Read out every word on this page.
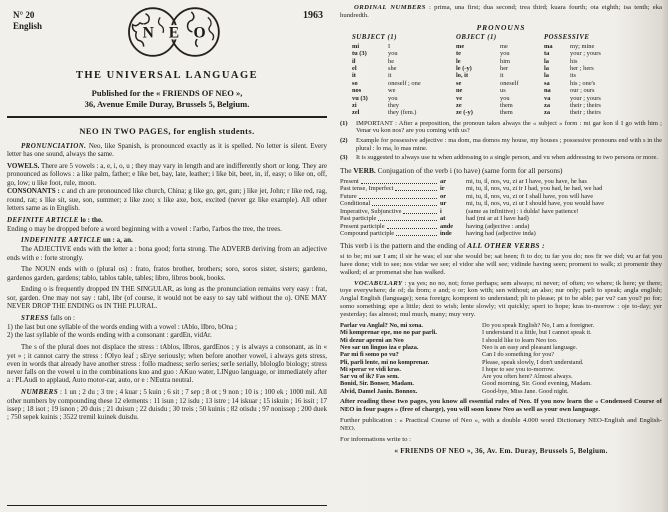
N° 20
English	N E O
1963
THE UNIVERSAL LANGUAGE
Published for the « FRIENDS OF NEO »,
36, Avenue Emile Duray, Brussels 5, Belgium.
NEO IN TWO PAGES, for english students.

PRONUNCIATION. Neo, like Spanish, is pronounced exactly as it is spelled. No letter is silent. Every letter has one sound, always the same.

VOWELS. There are 5 vowels : a, e, i, o, u ; they may vary in length and are indifferently short or long. They are pronounced as follows : a like palm, father; e like bet, bay, late, leather; i like bit, beet, in, if, easy; o like on, off, go, low; u like foot, rule, moon.

CONSONANTS : c and ch are pronounced like church, China; g like go, get, gun; j like jet, John; r like red, rag, round, rat; s like sit, sue, son, summer; z like zoo; x like axe, box, excited (never gz like example). All other letters same as in English.

DEFINITE ARTICLE lo : the.

Ending o may be dropped before a word beginning with a vowel : l'arbo, l'arbos the tree, the trees.

INDEFINITE ARTICLE un : a, an.

The ADJECTIVE ends with the letter a : bona good; forta strong. The ADVERB deriving from an adjective ends with e : forte strongly.

The NOUN ends with o (plural os) : frato, fratos brother, brothers; soro, soros sister, sisters; gardeno, gardenos garden, gardens; tablo, tablos table, tables; libro, libros book, books.

Ending o is frequently dropped IN THE SINGULAR, as long as the pronunciation remains very easy : frat, sor, garden. One may not say : tabl, libr (of course, it would not be easy to say tabl without the o). ONE MAY NEVER DROP THE ENDING os IN THE PLURAL.

STRESS falls on :

1) the last but one syllable of the words ending with a vowel : tAblo, lIbro, bOna ;

2) the last syllable of the words ending with a consonant : gardEn, vidAr.

The s of the plural does not displace the stress : tAblos, lIbros, gardEnos ; y is always a consonant, as in « yet » ; it cannot carry the stress : fOlyo leaf ; sErye seriously; when before another vowel, i always gets stress, even in words that already have another stress : folIo madness; serIo series; serIe serially, bIologIo biology; stress never falls on the vowel u in the combinations kuo and guo : AKuo water, LINguo language, or immediately after a : PLAudi to applaud, Auto motor-car, auto, or e : NEutra neutral.

NUMBERS : 1 un ; 2 du ; 3 tre ; 4 kuar ; 5 kuin ; 6 sit ; 7 sep ; 8 ot ; 9 non ; 10 is ; 100 ek ; 1000 mil. All other numbers by compounding these 12 elements : 11 isun ; 12 isdu ; 13 istre ; 14 iskuar ; 15 iskuin ; 16 issit ; 17 issep ; 18 isot ; 19 isnon ; 20 duis ; 21 duisun ; 22 duisdu ; 30 treis ; 50 kuinis ; 82 otisdu ; 97 nonissep ; 200 duek ; 750 sepek kuinis ; 3522 tremil kuinek duisdu.

ORDINAL NUMBERS : prima, una first; dua second; trea third; kuara fourth; ota eighth; isa tenth; eka hundredth.

PRONOUNS
SUBJECT (1)	OBJECT (1)	POSSESSIVE
mi	I	me	me	ma	my; mine
tu (3)	you	te	you	ta	your ; yours
il	he	le	him	la	his
el	she	le (-y)	her	la	her ; hers
it	it	lo, it	it	la	its
so	oneself ; one	se	oneself	sa	his ; one's
nos	we	ne	us	na	our ; ours
vu (3)	you	ve	you	va	your ; yours
zi	they	ze	them	za	their ; theirs
zel	they (fem.)	ze (-y)	them	za	their ; theirs
(1)	IMPORTANT : After a preposition, the pronoun takes always the « subject » form : mi gar kon il I go with him ; Venar vu kon nos? are you coming with us?
(2)	Example for possessive adjective : ma dom, ma domos my house, my houses ; possessive pronouns end with s in the plural : lo ma, lo mas mine.
(3)	It is suggested to always use tu when addressing to a single person, and vu when addressing to two persons or more.

The VERB. Conjugation of the verb i (to have) (same form for all persons)

Present	ar	mi, tu, il, nos, vu, zi ar I have, you have, he has
Past tense, Imperfect	ir	mi, tu, il, nos, vu, zi ir I had, you had, he had, we had
Future	or	mi, tu, il, nos, vu, zi or I shall have, you will have
Conditional	ur	mi, tu, il, nos, vu, zi ur I should have, you would have
Imperative, Subjunctive	i	(same as infinitive) : i dulda! have patience!
Past participle	at	had (mi ar at I have had)
Present participle	ande	having (adjective : anda)
Compound participle	inde	having had (adjective inda)

This verb i is the pattern and the ending of ALL OTHER VERBS :

si to be; mi sar I am; il sir he was; el sur she would be; sat been; fi to do; tu far you do; nos fir we did; vu ar fat you have done; vidi to see; nos vidar we see; el vidor she will see; vidinde having seen; promeni to walk; zi promenir they walked; el ar promenat she has walked.

VOCABULARY : ya yes; no no, not; forse perhaps; sem always; ni never; of often; vo where; ik here; ye there; toye everywhere; de of; da from; e and; o or; kon with; sen without; an also; nur only; parli to speak; angla english; Anglal English (language); xena foreign; kompreni to understand; pli to please; pi to be able; par vu? can you? po for; somo something; epe a little; dezi to wish; lente slowly; vit quickly; speri to hope; kras to-morrow : oje to-day; yer yesterday; fas almost; mul much, many; muy very.

Parlar vu Anglal? No, mi xena.	Do you speak English? No, I am a foreigner.
Mi komprenar epe, mo no par parli.	I understand it a little, but I cannot speak it.
Mi dezur apreni an Neo	I should like to learn Neo too.
Neo sar un linguo iza e plaza.	Neo is an easy and pleasant language.
Par mi fi somo po vu?	Can I do something for you?
Pli, parli lente, mi no komprenar.	Please, speak slowly, I don't understand.
Mi sperar ve vidi kras.	I hope to see you to-morrow.
Sar vu of ik? Fas sem.	Are you often here? Almost always.
Bonid, Sir. Bonser, Madam.	Good morning, Sir. Good evening, Madam.
Alvid, Damel Janin. Bonnox.	Good-bye, Miss Jane. Good night.

After reading these two pages, you know all essential rules of Neo. If you now learn the « Condensed Course of NEO in four pages » (free of charge), you will soon know Neo as well as your own language.

Further publication : « Practical Course of Neo », with a double 4.000 word Dictionary NEO-English and English-NEO.

For informations write to :

« FRIENDS OF NEO », 36, Av. Em. Duray, Brussels 5, Belgium.
